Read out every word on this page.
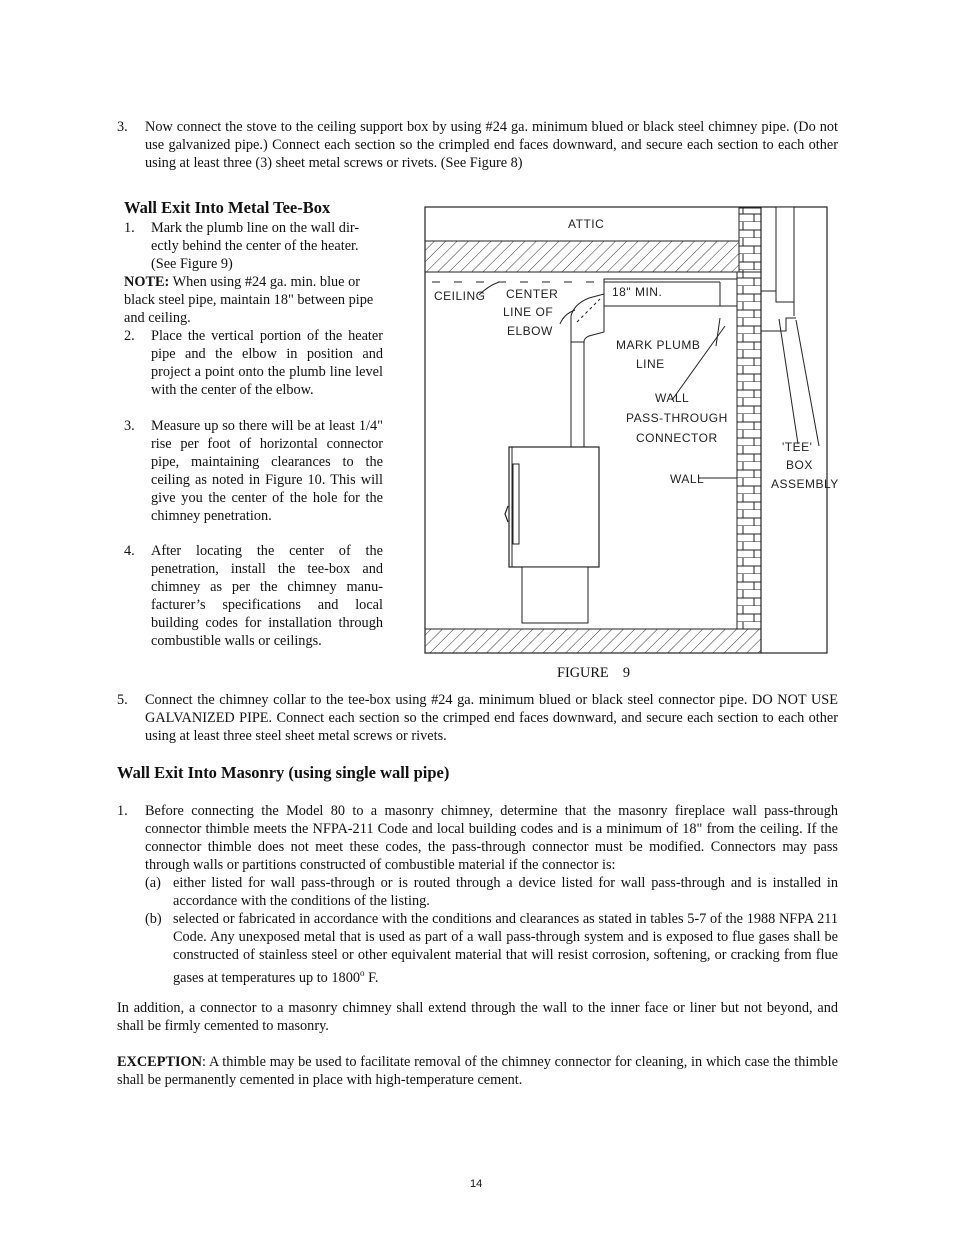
3. Now connect the stove to the ceiling support box by using #24 ga. minimum blued or black steel chimney pipe. (Do not use galvanized pipe.) Connect each section so the crimpled end faces downward, and secure each section to each other using at least three (3) sheet metal screws or rivets. (See Figure 8)
Wall Exit Into Metal Tee-Box
1. Mark the plumb line on the wall dir-ectly behind the center of the heater. (See Figure 9)
NOTE: When using #24 ga. min. blue or black steel pipe, maintain 18" between pipe and ceiling.
2. Place the vertical portion of the heater pipe and the elbow in position and project a point onto the plumb line level with the center of the elbow.
3. Measure up so there will be at least 1/4" rise per foot of horizontal connector pipe, maintaining clearances to the ceiling as noted in Figure 10. This will give you the center of the hole for the chimney penetration.
4. After locating the center of the penetration, install the tee-box and chimney as per the chimney manu-facturer’s specifications and local building codes for installation through combustible walls or ceilings.
ATTIC
CEILING CENTER
LINE OF
ELBOW
18" MIN.
MARK PLUMB
LINE
WALL
PASS-THROUGH
CONNECTOR
WALL
'TEE'
BOX
ASSEMBLY
FIGURE    9
5. Connect the chimney collar to the tee-box using #24 ga. minimum blued or black steel connector pipe. DO NOT USE GALVANIZED PIPE. Connect each section so the crimped end faces downward, and secure each section to each other using at least three steel sheet metal screws or rivets.
Wall Exit Into Masonry (using single wall pipe)
1. Before connecting the Model 80 to a masonry chimney, determine that the masonry fireplace wall pass-through connector thimble meets the NFPA-211 Code and local building codes and is a minimum of 18" from the ceiling. If the connector thimble does not meet these codes, the pass-through connector must be modified. Connectors may pass through walls or partitions constructed of combustible material if the connector is:
(a) either listed for wall pass-through or is routed through a device listed for wall pass-through and is installed in accordance with the conditions of the listing.
(b) selected or fabricated in accordance with the conditions and clearances as stated in tables 5-7 of the 1988 NFPA 211 Code. Any unexposed metal that is used as part of a wall pass-through system and is exposed to flue gases shall be constructed of stainless steel or other equivalent material that will resist corrosion, softening, or cracking from flue gases at temperatures up to 1800$^o$ F.
In addition, a connector to a masonry chimney shall extend through the wall to the inner face or liner but not beyond, and shall be firmly cemented to masonry.
EXCEPTION: A thimble may be used to facilitate removal of the chimney connector for cleaning, in which case the thimble shall be permanently cemented in place with high-temperature cement.
14
